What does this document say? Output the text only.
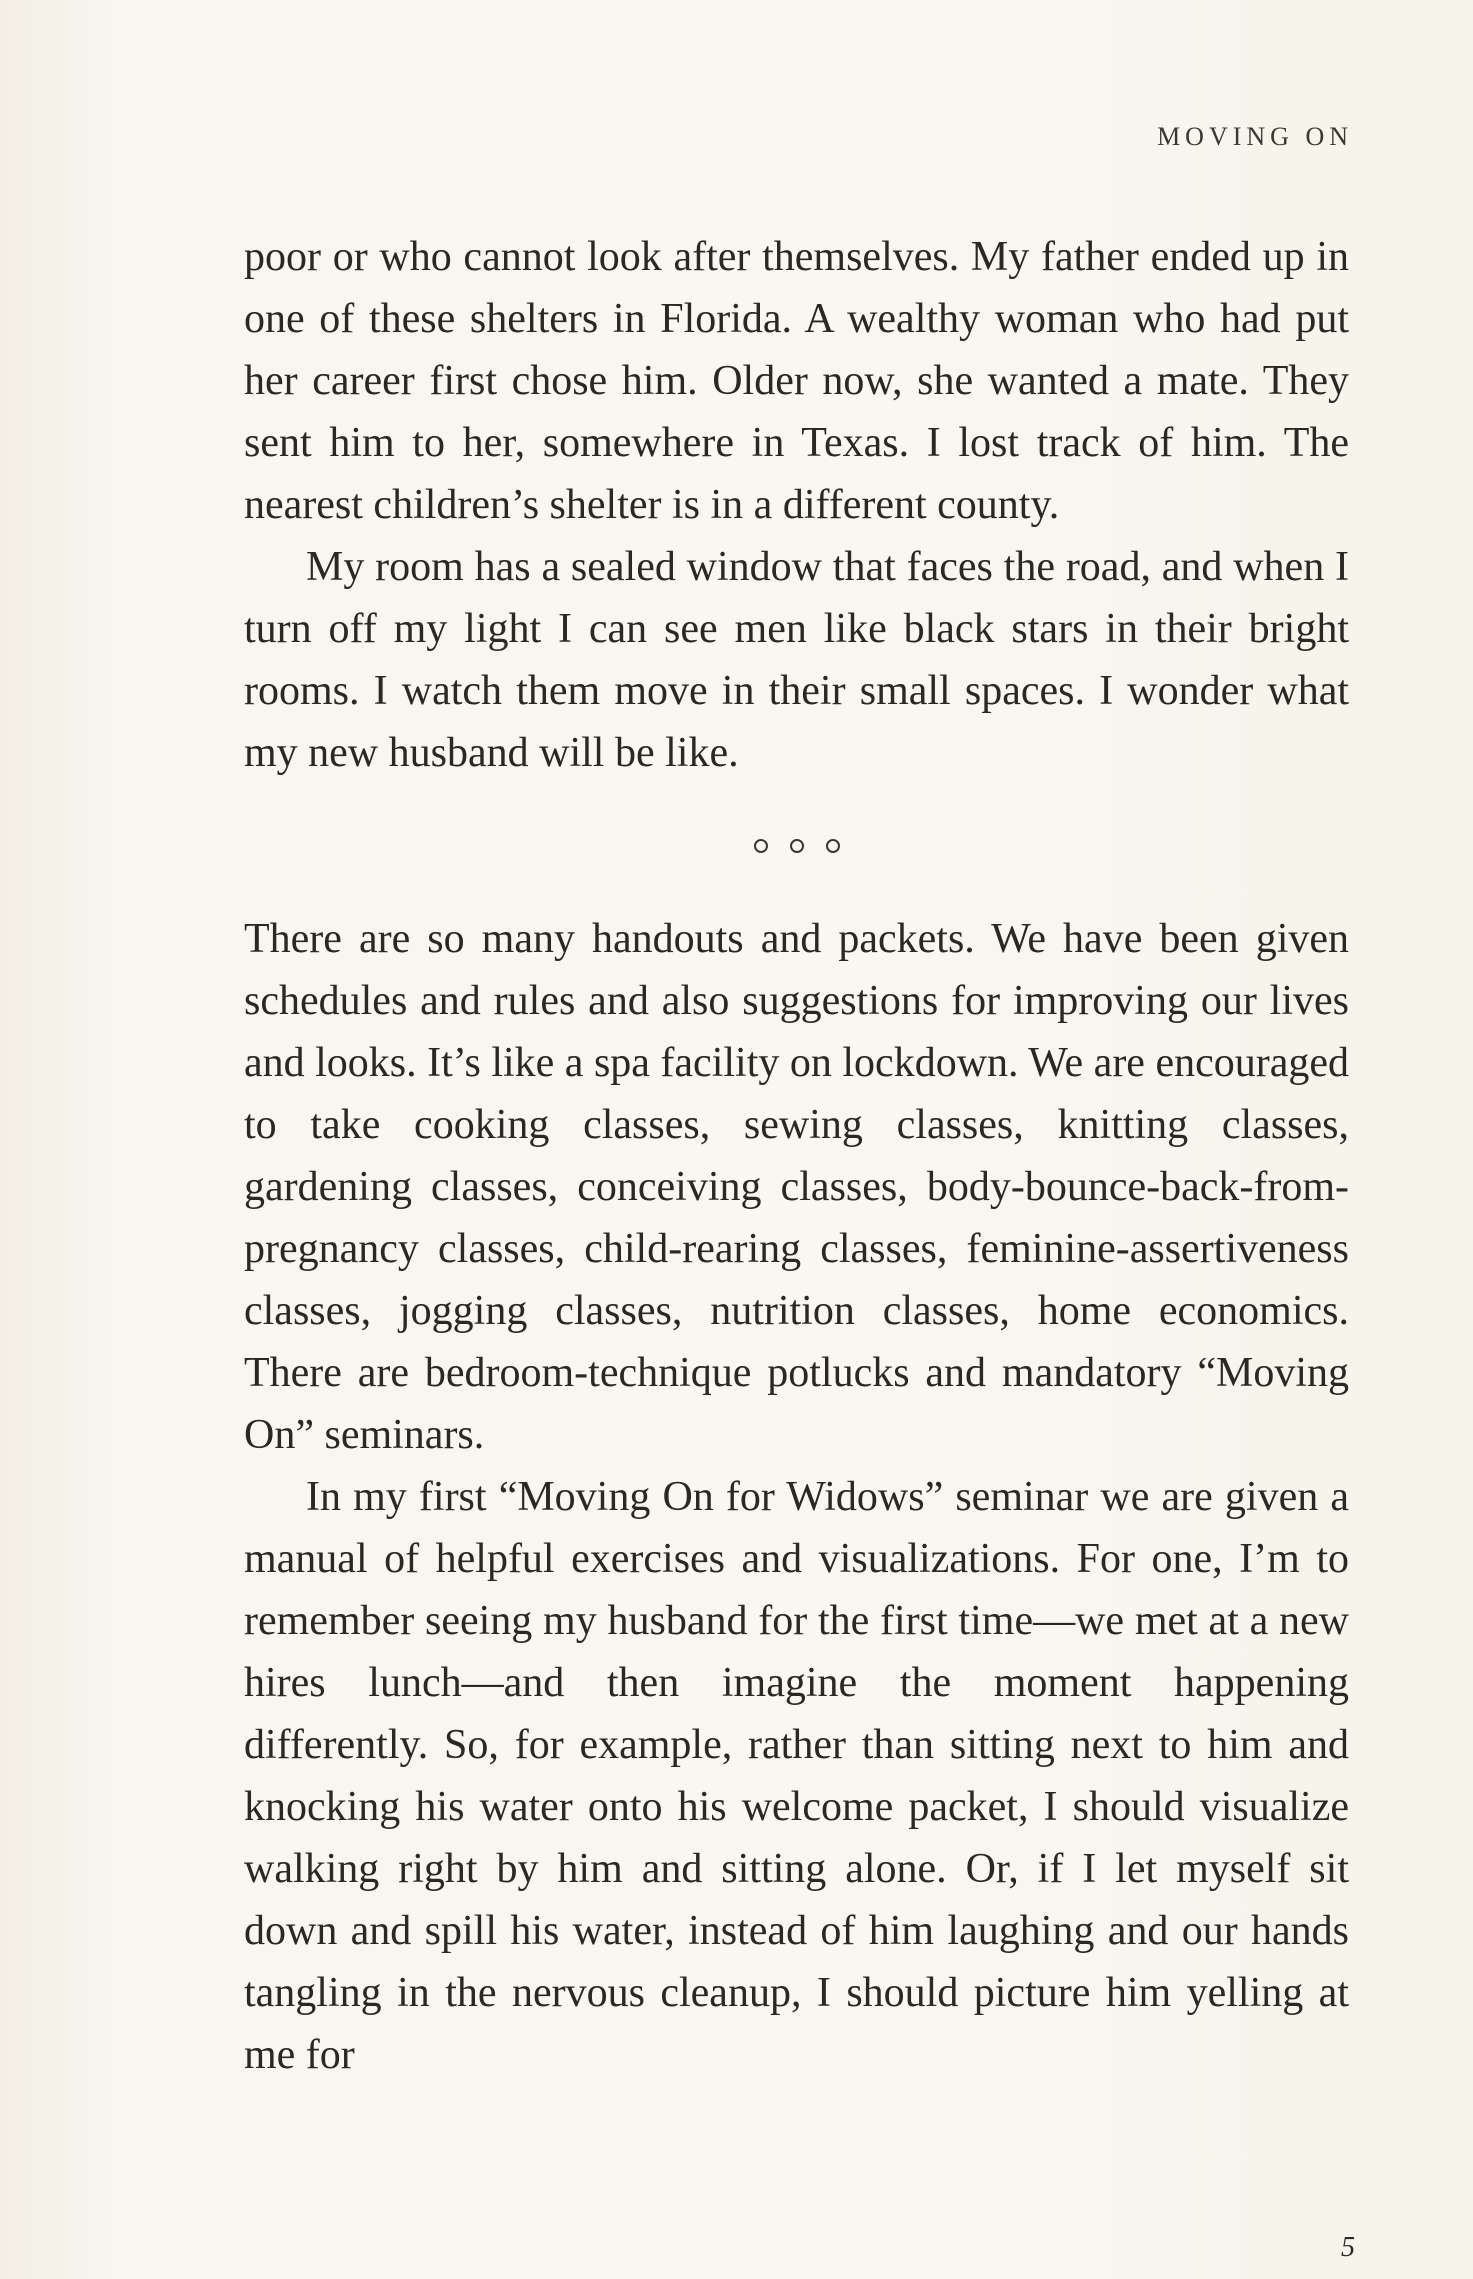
MOVING ON

poor or who cannot look after themselves. My father ended up in one of these shelters in Florida. A wealthy woman who had put her career first chose him. Older now, she wanted a mate. They sent him to her, somewhere in Texas. I lost track of him. The nearest children’s shelter is in a different county.

My room has a sealed window that faces the road, and when I turn off my light I can see men like black stars in their bright rooms. I watch them move in their small spaces. I wonder what my new husband will be like.

There are so many handouts and packets. We have been given schedules and rules and also suggestions for improving our lives and looks. It’s like a spa facility on lockdown. We are encouraged to take cooking classes, sewing classes, knitting classes, gardening classes, conceiving classes, body-bounce-back-from-pregnancy classes, child-rearing classes, feminine-assertiveness classes, jogging classes, nutrition classes, home economics. There are bedroom-technique potlucks and mandatory “Moving On” seminars.

In my first “Moving On for Widows” seminar we are given a manual of helpful exercises and visualizations. For one, I’m to remember seeing my husband for the first time—we met at a new hires lunch—and then imagine the moment happening differently. So, for example, rather than sitting next to him and knocking his water onto his welcome packet, I should visualize walking right by him and sitting alone. Or, if I let myself sit down and spill his water, instead of him laughing and our hands tangling in the nervous cleanup, I should picture him yelling at me for

5
